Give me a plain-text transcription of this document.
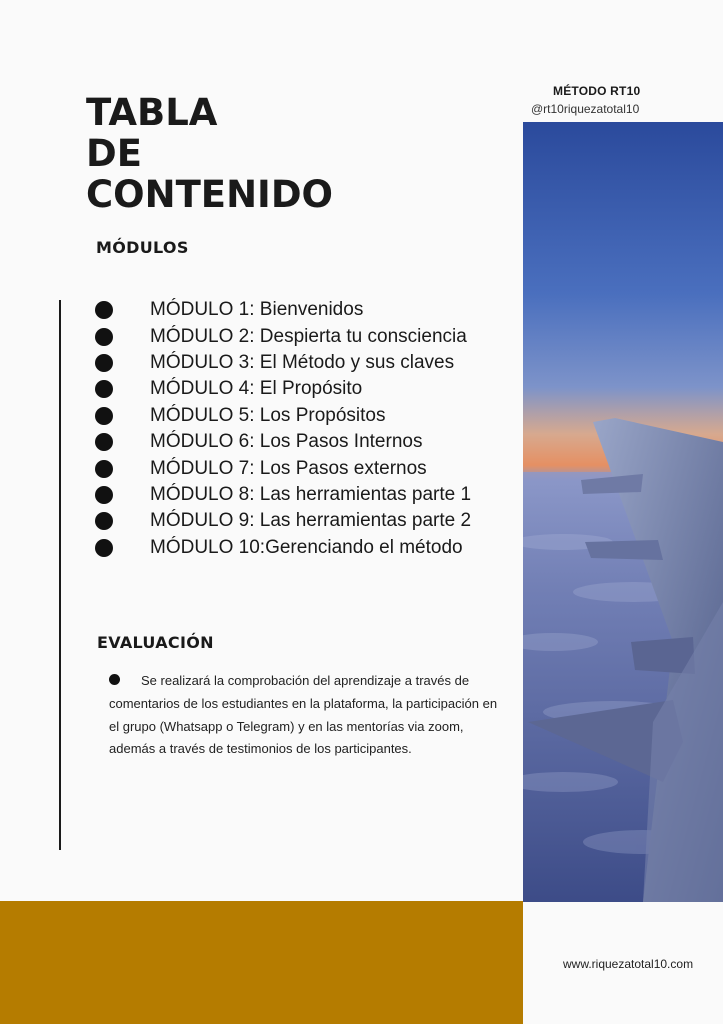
MÉTODO RT10
@rt10riquezatotal10
TABLA
DE
CONTENIDO
MÓDULOS
MÓDULO 1: Bienvenidos
MÓDULO 2: Despierta tu consciencia
MÓDULO 3: El Método y sus claves
MÓDULO 4: El Propósito
MÓDULO 5: Los Propósitos
MÓDULO 6: Los Pasos Internos
MÓDULO 7: Los Pasos externos
MÓDULO 8: Las herramientas parte 1
MÓDULO 9: Las herramientas parte 2
MÓDULO 10:Gerenciando el método
EVALUACIÓN

Se realizará la comprobación del aprendizaje a través de comentarios de los estudiantes en la plataforma, la participación en el grupo (Whatsapp o Telegram) y en las mentorías via zoom, además a través de testimonios de los participantes.

www.riquezatotal10.com
